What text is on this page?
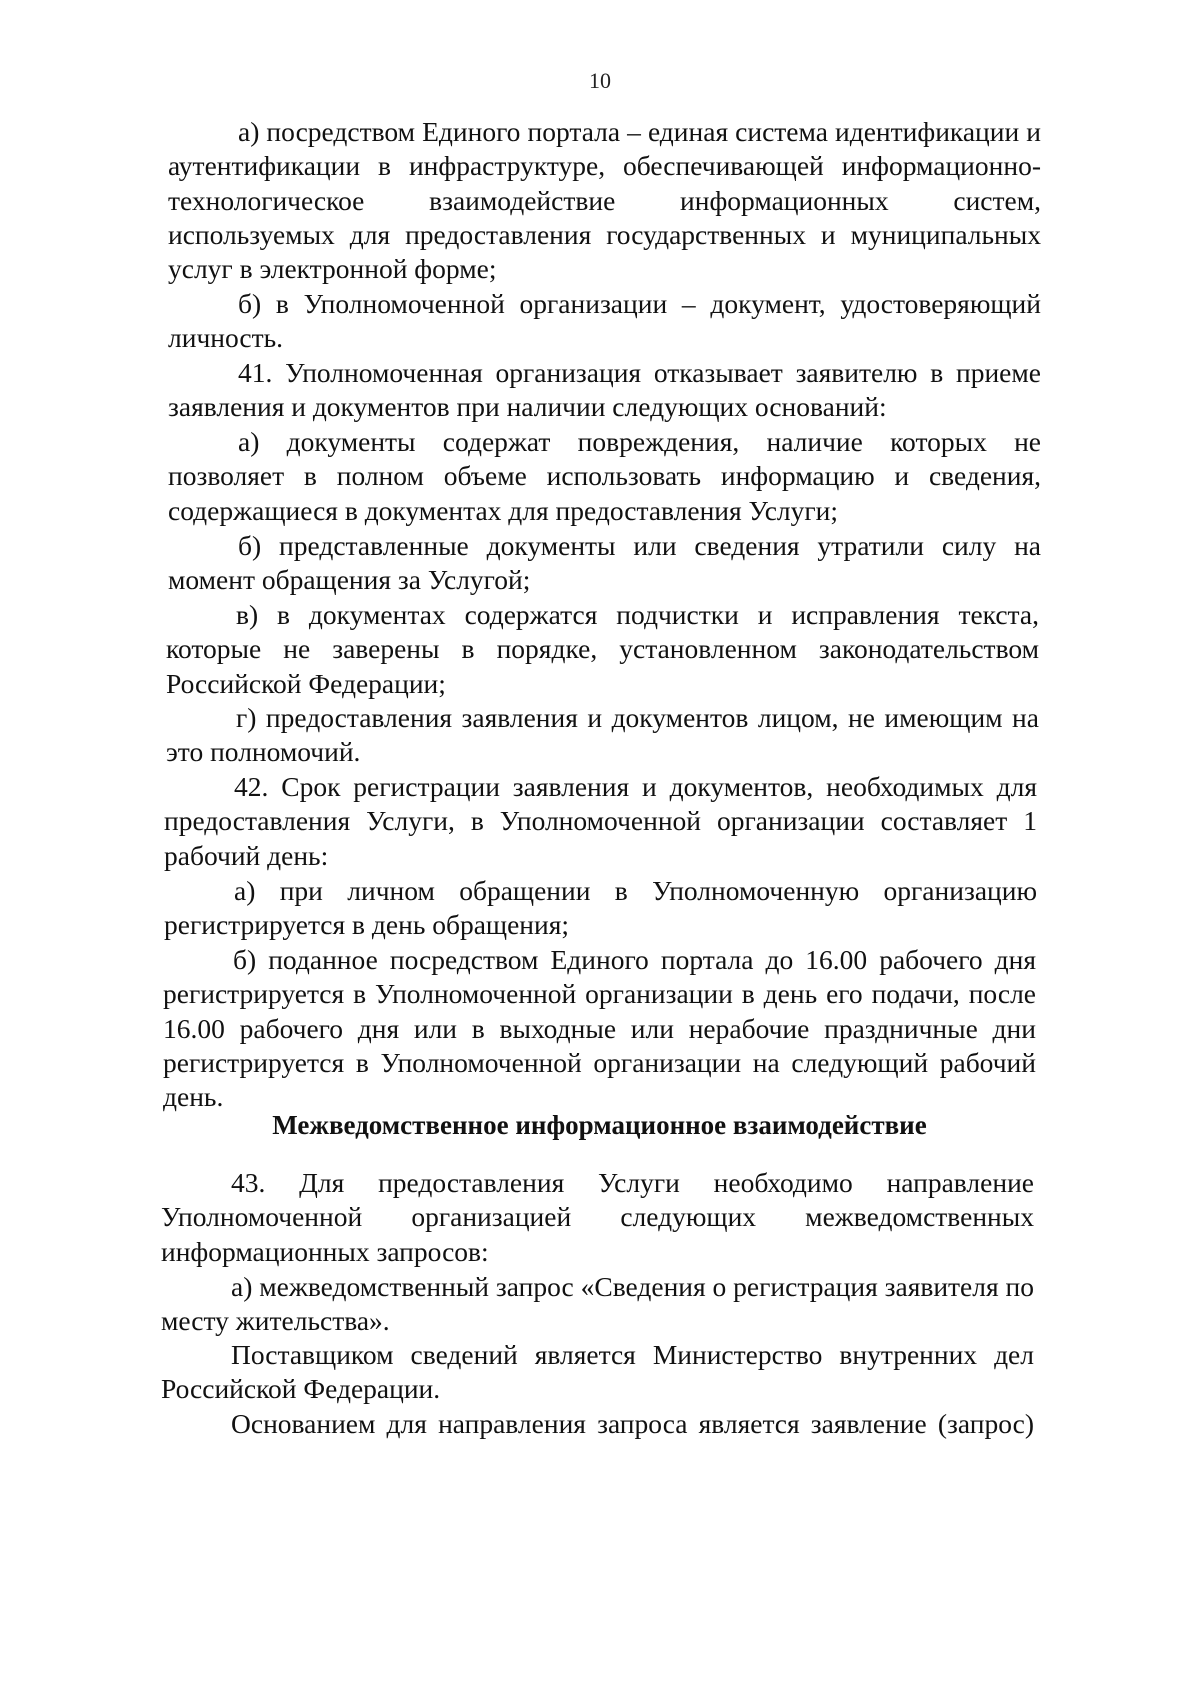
10

а) посредством Единого портала – единая система идентификации и аутентификации в инфраструктуре, обеспечивающей информационно-технологическое взаимодействие информационных систем, используемых для предоставления государственных и муниципальных услуг в электронной форме;

б) в Уполномоченной организации – документ, удостоверяющий личность.

41. Уполномоченная организация отказывает заявителю в приеме заявления и документов при наличии следующих оснований:

а) документы содержат повреждения, наличие которых не позволяет в полном объеме использовать информацию и сведения, содержащиеся в документах для предоставления Услуги;

б) представленные документы или сведения утратили силу на момент обращения за Услугой;

в) в документах содержатся подчистки и исправления текста, которые не заверены в порядке, установленном законодательством Российской Федерации;

г) предоставления заявления и документов лицом, не имеющим на это полномочий.

42. Срок регистрации заявления и документов, необходимых для предоставления Услуги, в Уполномоченной организации составляет 1 рабочий день:

а) при личном обращении в Уполномоченную организацию регистрируется в день обращения;

б) поданное посредством Единого портала до 16.00 рабочего дня регистрируется в Уполномоченной организации в день его подачи, после 16.00 рабочего дня или в выходные или нерабочие праздничные дни регистрируется в Уполномоченной организации на следующий рабочий день.

Межведомственное информационное взаимодействие

43. Для предоставления Услуги необходимо направление Уполномоченной организацией следующих межведомственных информационных запросов:

а) межведомственный запрос «Сведения о регистрация заявителя по месту жительства».

Поставщиком сведений является Министерство внутренних дел Российской Федерации.

Основанием для направления запроса является заявление (запрос)
